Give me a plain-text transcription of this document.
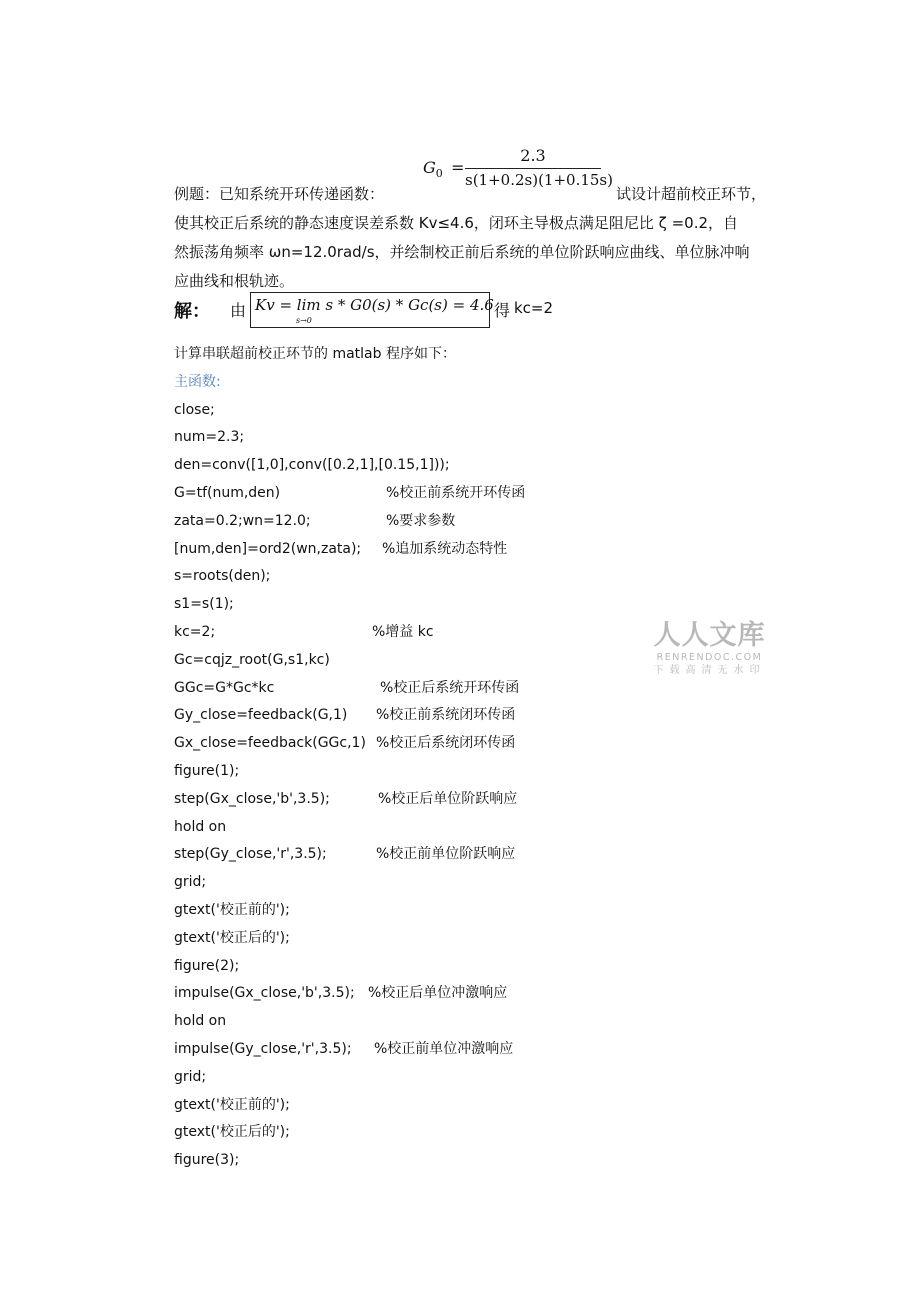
$G_0$ =
2.3
s(1+0.2s)(1+0.15s)
例题：已知系统开环传递函数：	试设计超前校正环节，
使其校正后系统的静态速度误差系数 Kv≤4.6，闭环主导极点满足阻尼比 ζ =0.2，自
然振荡角频率 ωn=12.0rad/s，并绘制校正前后系统的单位阶跃响应曲线、单位脉冲响
应曲线和根轨迹。
解： 由 Kv = lim s * G0(s) * Gc(s) = 4.6
s→0
得 kc=2
计算串联超前校正环节的 matlab 程序如下：
主函数:
close;
num=2.3;
den=conv([1,0],conv([0.2,1],[0.15,1]));
G=tf(num,den)	%校正前系统开环传函
zata=0.2;wn=12.0;	%要求参数
[num,den]=ord2(wn,zata); %追加系统动态特性
s=roots(den);
s1=s(1);
kc=2;	%增益 kc
Gc=cqjz_root(G,s1,kc)
GGc=G*Gc*kc	%校正后系统开环传函
Gy_close=feedback(G,1) %校正前系统闭环传函
Gx_close=feedback(GGc,1) %校正后系统闭环传函
figure(1);
step(Gx_close,'b',3.5);	%校正后单位阶跃响应
hold on
step(Gy_close,'r',3.5);	%校正前单位阶跃响应
grid;
gtext('校正前的');
gtext('校正后的');
figure(2);
impulse(Gx_close,'b',3.5); %校正后单位冲激响应
hold on
impulse(Gy_close,'r',3.5); %校正前单位冲激响应
grid;
gtext('校正前的');
gtext('校正后的');
figure(3);
人人文库
RENRENDOC.COM
下载高清无水印
